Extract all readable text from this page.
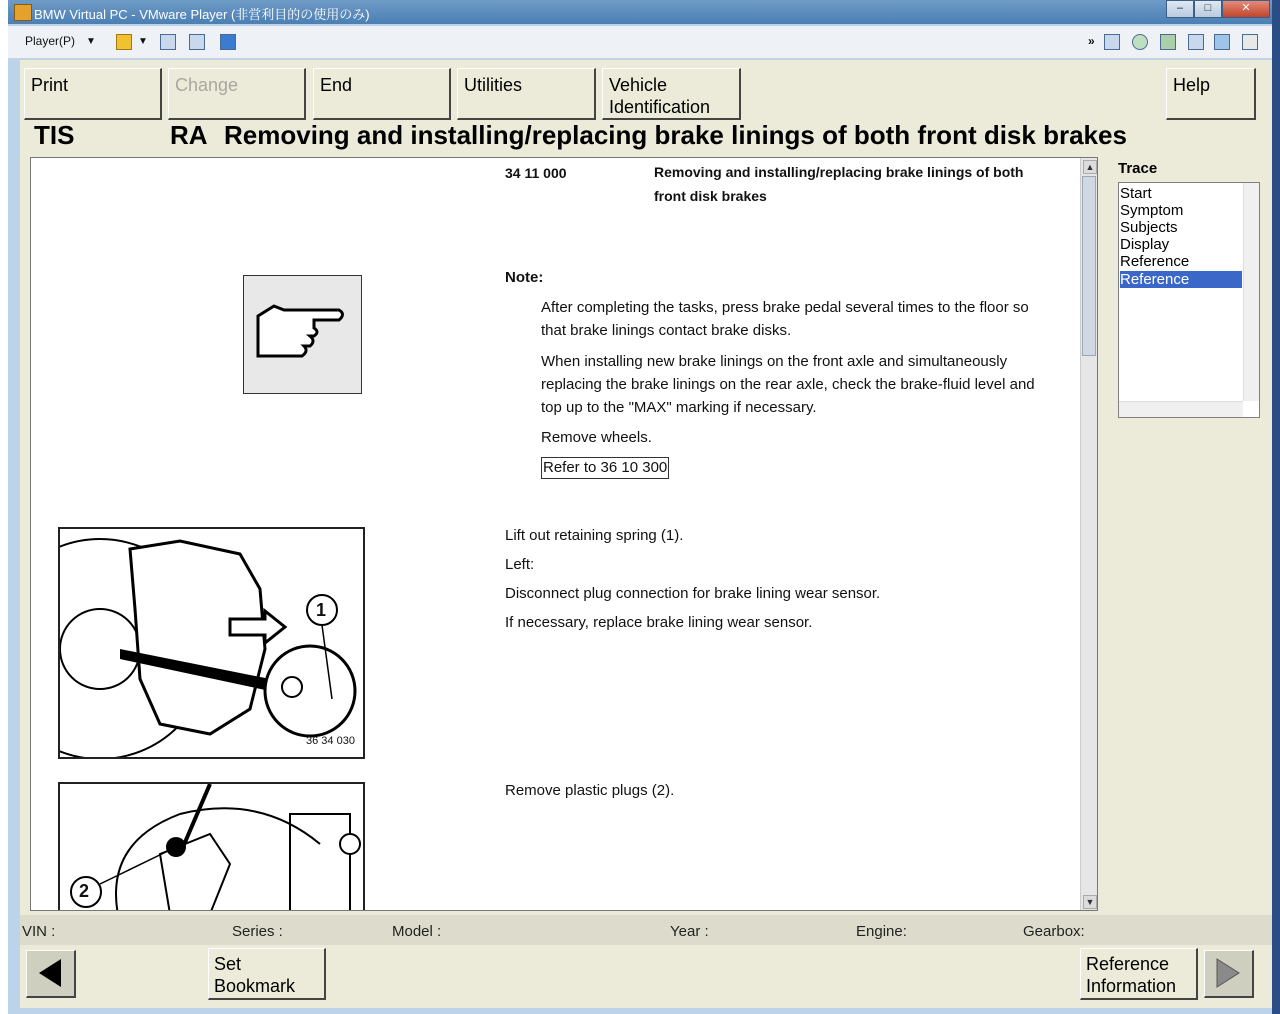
BMW Virtual PC - VMware Player (非営利目的の使用のみ)	–	□	✕
Player(P) ▼	▼	»
Print	Change	End	Utilities	Vehicle
Identification
Help
TIS	RA Removing and installing/replacing brake linings of both front disk brakes
34 11 000	Removing and installing/replacing brake linings of both
front disk brakes
Note:
After completing the tasks, press brake pedal several times to the floor so
that brake linings contact brake disks.
When installing new brake linings on the front axle and simultaneously
replacing the brake linings on the rear axle, check the brake-fluid level and
top up to the "MAX" marking if necessary.
Remove wheels.
Refer to 36 10 300
1
36 34 030
Lift out retaining spring (1).
Left:
Disconnect plug connection for brake lining wear sensor.
If necessary, replace brake lining wear sensor.
2
Remove plastic plugs (2).
▲
▼
Trace
Start
Symptom
Subjects
Display
Reference
Reference
VIN :	Series :	Model :	Year :	Engine:	Gearbox:
Set
Bookmark
Reference
Information
